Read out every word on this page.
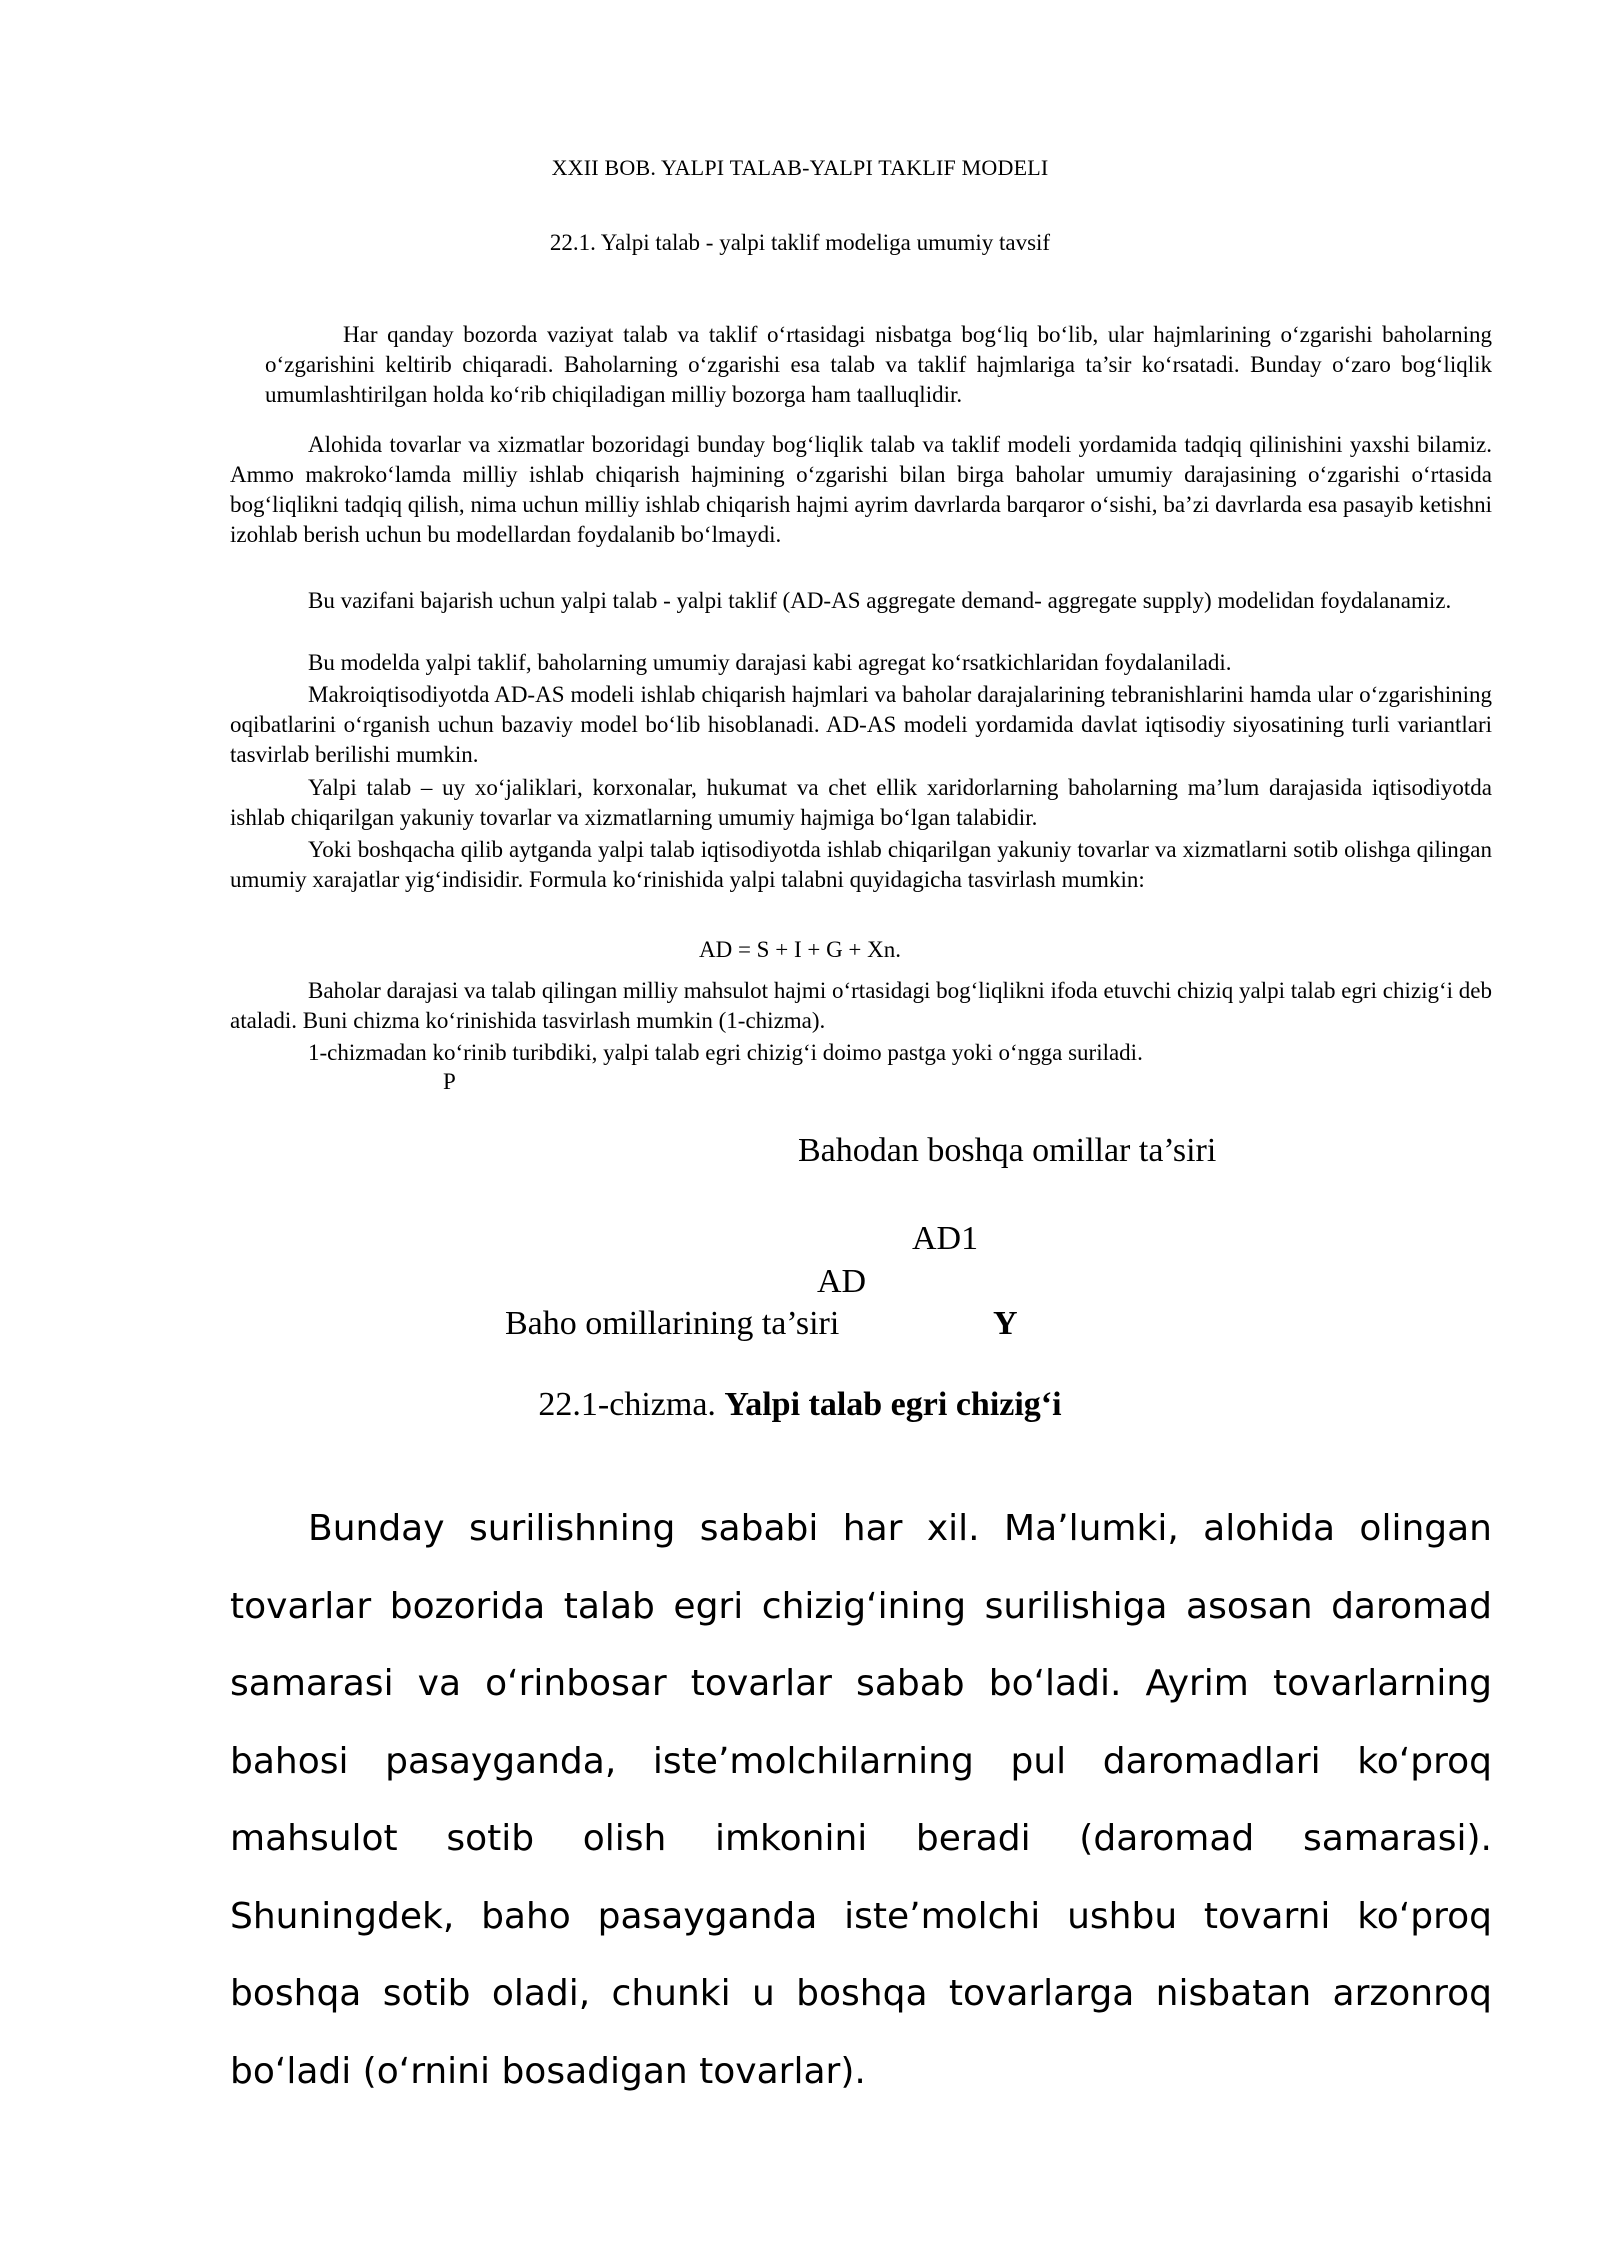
XXII BOB. YALPI TALAB-YALPI TAKLIF MODELI
22.1. Yalpi talab - yalpi taklif modeliga umumiy tavsif

Har qanday bozorda vaziyat talab va taklif o‘rtasidagi nisbatga bog‘liq bo‘lib, ular hajmlarining o‘zgarishi baholarning o‘zgarishini keltirib chiqaradi. Baholarning o‘zgarishi esa talab va taklif hajmlariga ta’sir ko‘rsatadi. Bunday o‘zaro bog‘liqlik umumlashtirilgan holda ko‘rib chiqiladigan milliy bozorga ham taalluqlidir.

Alohida tovarlar va xizmatlar bozoridagi bunday bog‘liqlik talab va taklif modeli yordamida tadqiq qilinishini yaxshi bilamiz. Ammo makroko‘lamda milliy ishlab chiqarish hajmining o‘zgarishi bilan birga baholar umumiy darajasining o‘zgarishi o‘rtasida bog‘liqlikni tadqiq qilish, nima uchun milliy ishlab chiqarish hajmi ayrim davrlarda barqaror o‘sishi, ba’zi davrlarda esa pasayib ketishni izohlab berish uchun bu modellardan foydalanib bo‘lmaydi.

Bu vazifani bajarish uchun yalpi talab - yalpi taklif (AD-AS aggregate demand- aggregate supply) modelidan foydalanamiz.

Bu modelda yalpi taklif, baholarning umumiy darajasi kabi agregat ko‘rsatkichlaridan foydalaniladi.

Makroiqtisodiyotda AD-AS modeli ishlab chiqarish hajmlari va baholar darajalarining tebranishlarini hamda ular o‘zgarishining oqibatlarini o‘rganish uchun bazaviy model bo‘lib hisoblanadi. AD-AS modeli yordamida davlat iqtisodiy siyosatining turli variantlari tasvirlab berilishi mumkin.

Yalpi talab – uy xo‘jaliklari, korxonalar, hukumat va chet ellik xaridorlarning baholarning ma’lum darajasida iqtisodiyotda ishlab chiqarilgan yakuniy tovarlar va xizmatlarning umumiy hajmiga bo‘lgan talabidir.

Yoki boshqacha qilib aytganda yalpi talab iqtisodiyotda ishlab chiqarilgan yakuniy tovarlar va xizmatlarni sotib olishga qilingan umumiy xarajatlar yig‘indisidir. Formula ko‘rinishida yalpi talabni quyidagicha tasvirlash mumkin:

AD = S + I + G + Xn.

Baholar darajasi va talab qilingan milliy mahsulot hajmi o‘rtasidagi bog‘liqlikni ifoda etuvchi chiziq yalpi talab egri chizig‘i deb ataladi. Buni chizma ko‘rinishida tasvirlash mumkin (1-chizma).

1-chizmadan ko‘rinib turibdiki, yalpi talab egri chizig‘i doimo pastga yoki o‘ngga suriladi.

P
Bahodan boshqa omillar ta’siri
AD1
AD
Baho omillarining ta’siri	Y
22.1-chizma. Yalpi talab egri chizig‘i

Bunday surilishning sababi har xil. Ma’lumki, alohida olingan tovarlar bozorida talab egri chizig‘ining surilishiga asosan daromad samarasi va o‘rinbosar tovarlar sabab bo‘ladi. Ayrim tovarlarning bahosi pasayganda, iste’molchilarning pul daromadlari ko‘proq mahsulot sotib olish imkonini beradi (daromad samarasi). Shuningdek, baho pasayganda iste’molchi ushbu tovarni ko‘proq boshqa sotib oladi, chunki u boshqa tovarlarga nisbatan arzonroq bo‘ladi (o‘rnini bosadigan tovarlar).
